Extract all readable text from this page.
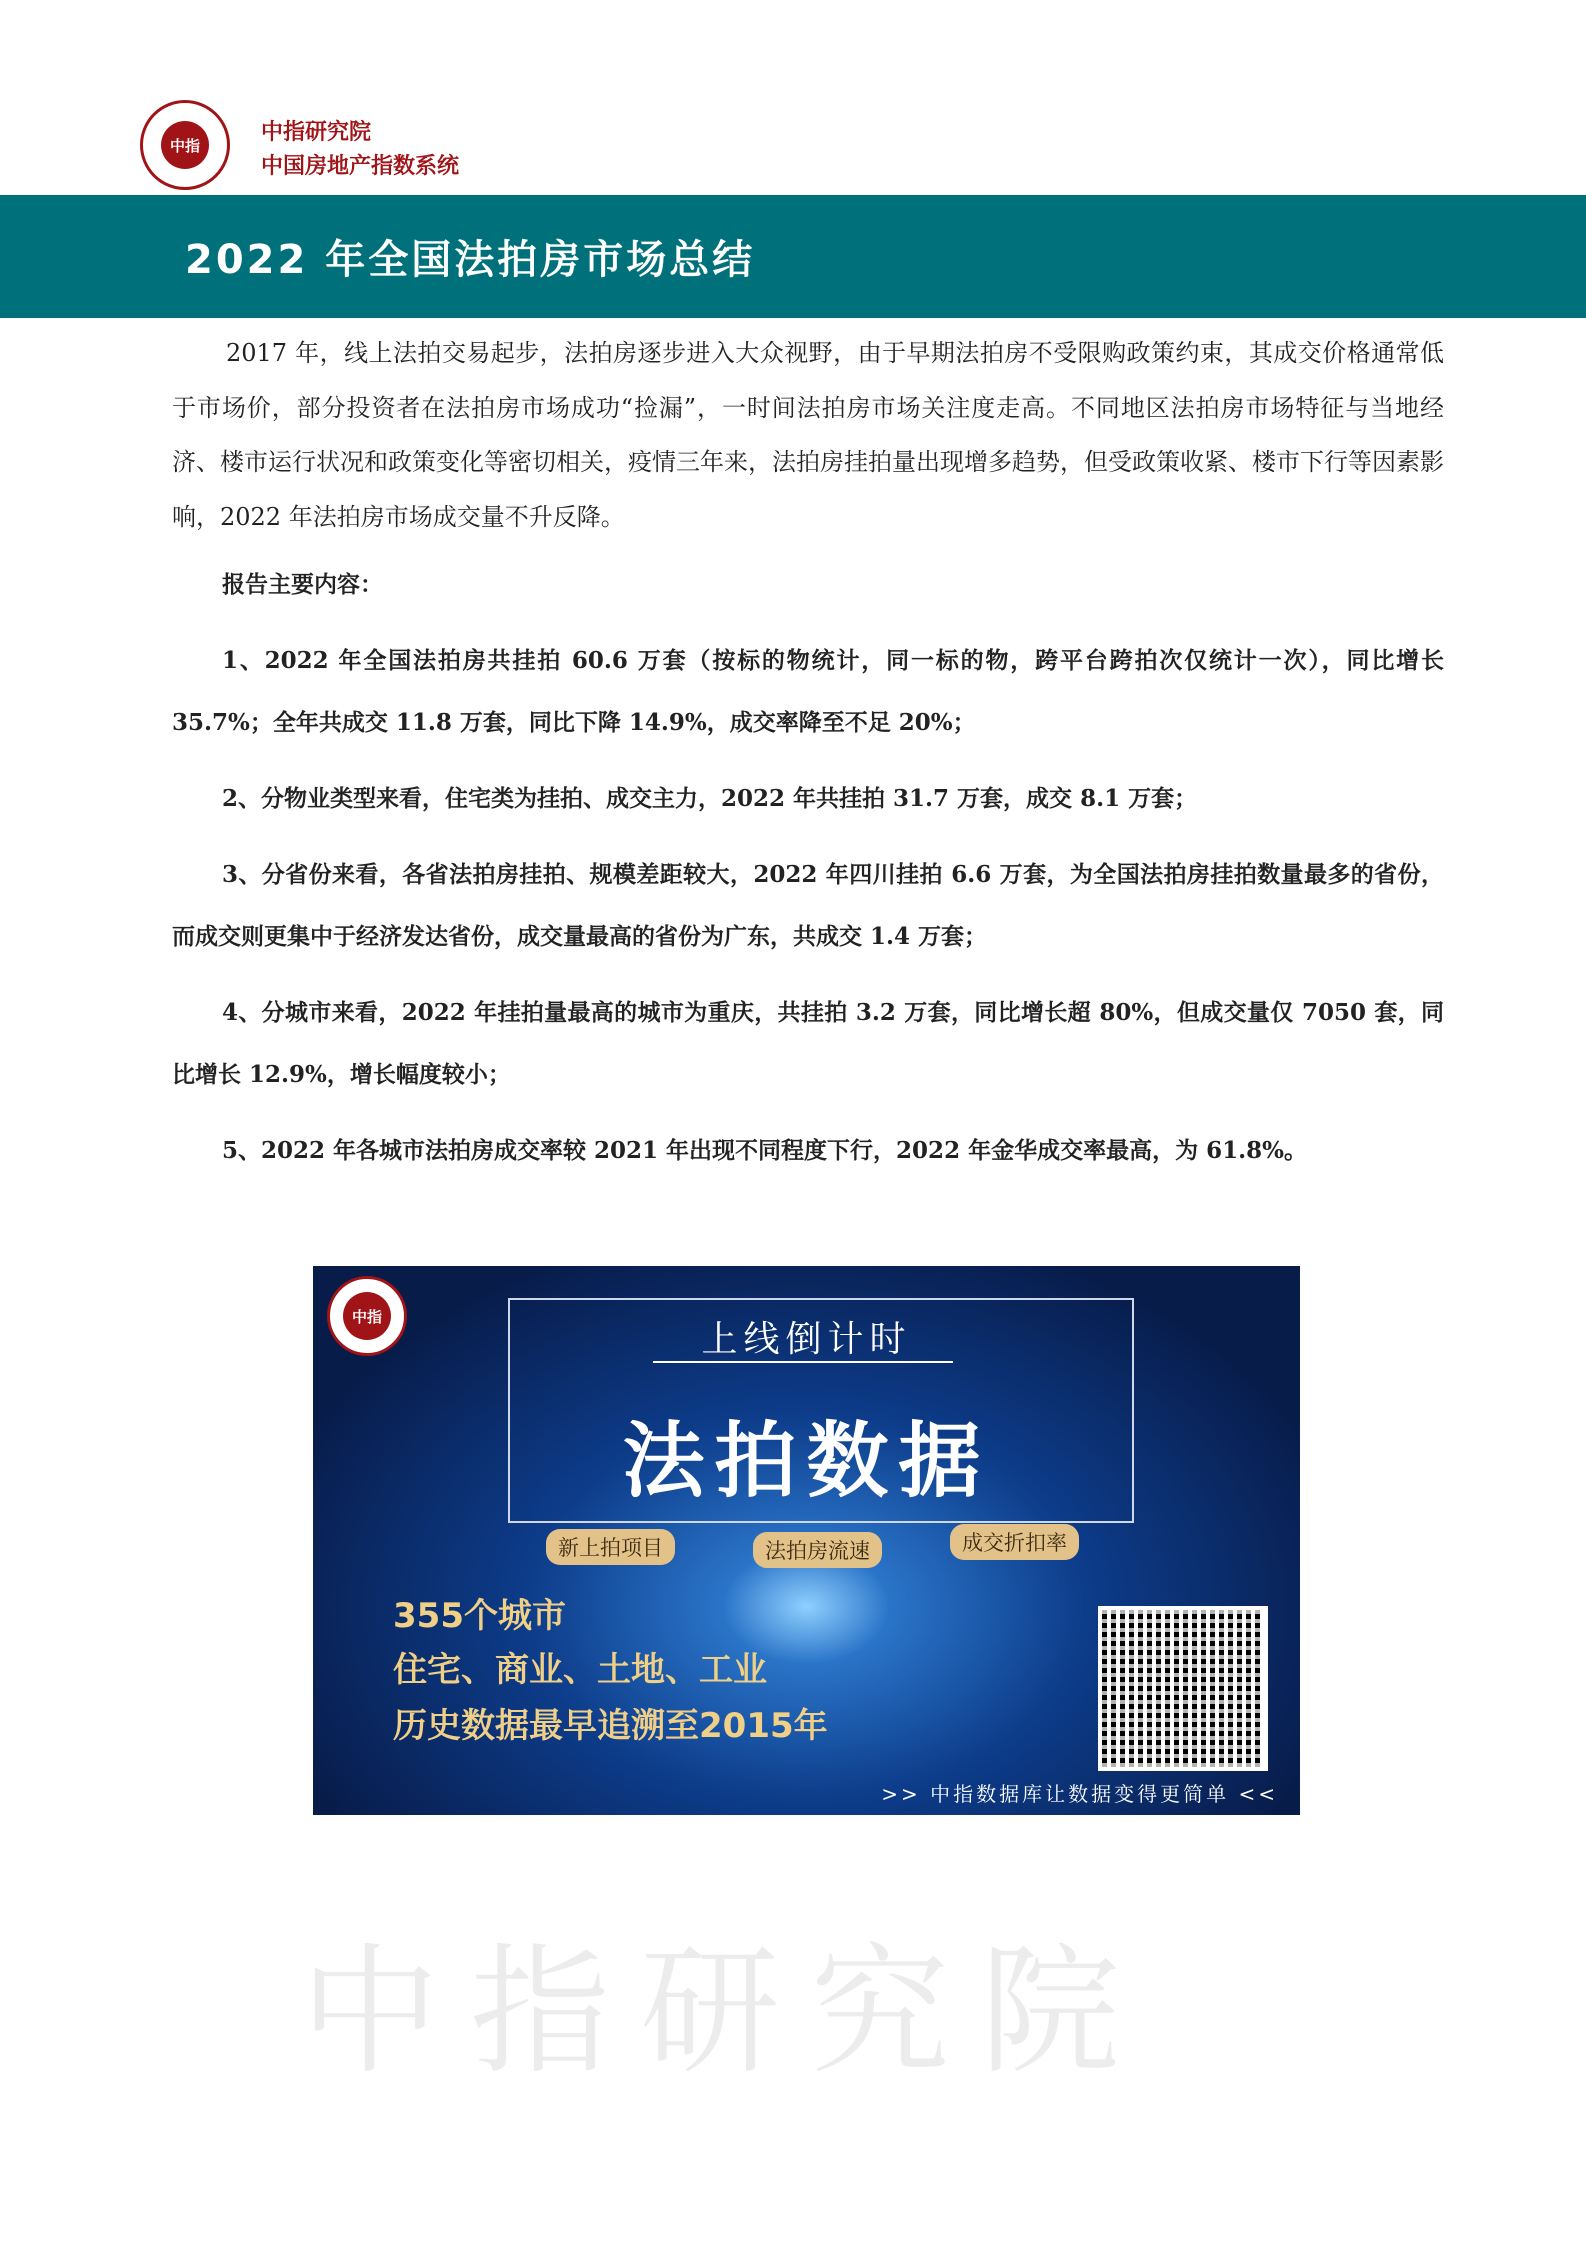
中指
中指研究院
中国房地产指数系统
2022 年全国法拍房市场总结
中指研究院
2017 年，线上法拍交易起步，法拍房逐步进入大众视野，由于早期法拍房不受限购政策约束，其成交价格通常低于市场价，部分投资者在法拍房市场成功“捡漏”，一时间法拍房市场关注度走高。不同地区法拍房市场特征与当地经济、楼市运行状况和政策变化等密切相关，疫情三年来，法拍房挂拍量出现增多趋势，但受政策收紧、楼市下行等因素影响，2022 年法拍房市场成交量不升反降。
报告主要内容：
1、2022 年全国法拍房共挂拍 60.6 万套（按标的物统计，同一标的物，跨平台跨拍次仅统计一次），同比增长 35.7%；全年共成交 11.8 万套，同比下降 14.9%，成交率降至不足 20%；
2、分物业类型来看，住宅类为挂拍、成交主力，2022 年共挂拍 31.7 万套，成交 8.1 万套；
3、分省份来看，各省法拍房挂拍、规模差距较大，2022 年四川挂拍 6.6 万套，为全国法拍房挂拍数量最多的省份，而成交则更集中于经济发达省份，成交量最高的省份为广东，共成交 1.4 万套；
4、分城市来看，2022 年挂拍量最高的城市为重庆，共挂拍 3.2 万套，同比增长超 80%，但成交量仅 7050 套，同比增长 12.9%，增长幅度较小；
5、2022 年各城市法拍房成交率较 2021 年出现不同程度下行，2022 年金华成交率最高，为 61.8%。
中指
上线倒计时
法拍数据
新上拍项目	法拍房流速	成交折扣率
355个城市
住宅、商业、土地、工业
历史数据最早追溯至2015年
>> 中指数据库让数据变得更简单 <<
